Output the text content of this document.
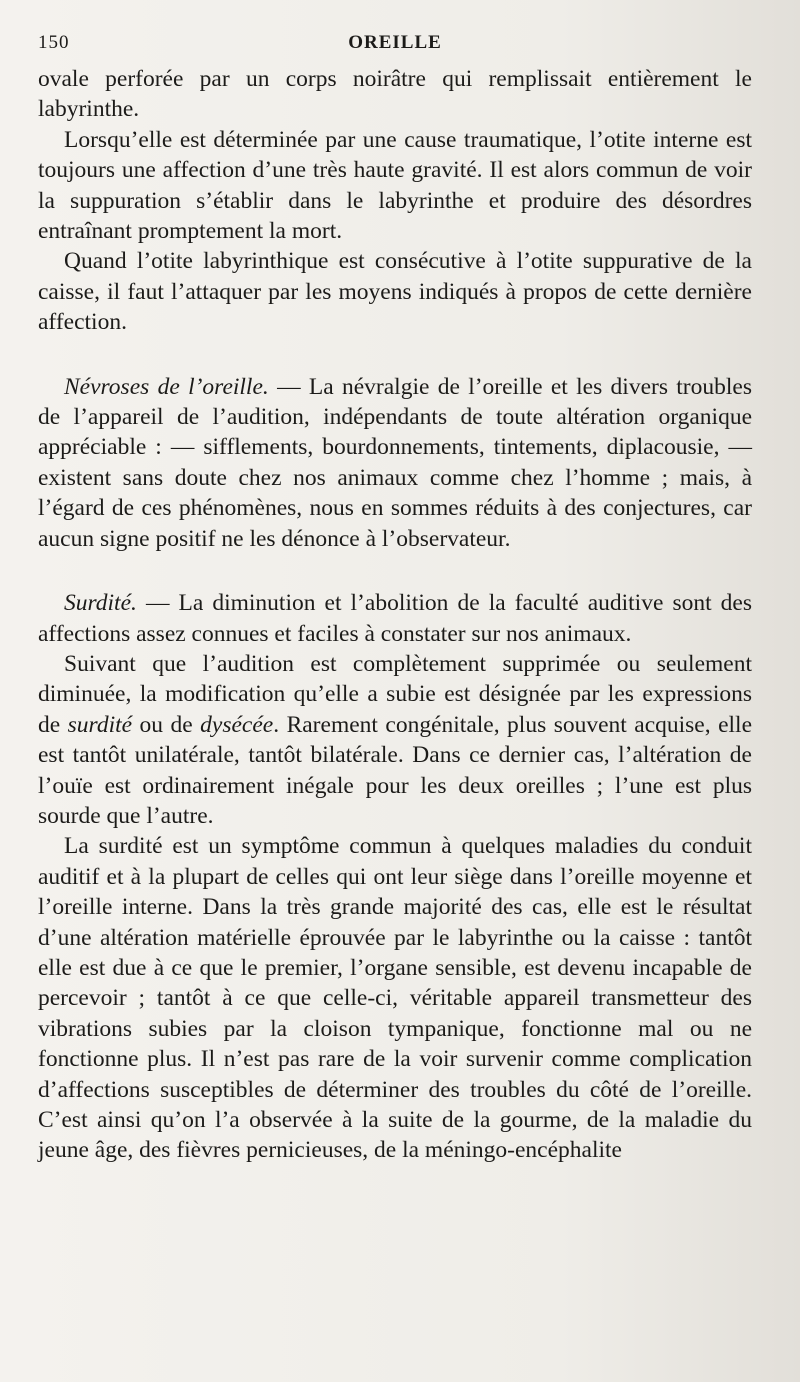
150	OREILLE

ovale perforée par un corps noirâtre qui remplissait entièrement le labyrinthe.

Lorsqu’elle est déterminée par une cause traumatique, l’otite interne est toujours une affection d’une très haute gravité. Il est alors commun de voir la suppuration s’établir dans le labyrinthe et produire des désordres entraînant promptement la mort.

Quand l’otite labyrinthique est consécutive à l’otite suppurative de la caisse, il faut l’attaquer par les moyens indiqués à propos de cette dernière affection.

Névroses de l’oreille. — La névralgie de l’oreille et les divers troubles de l’appareil de l’audition, indépendants de toute altération organique appréciable : — sifflements, bourdonnements, tintements, diplacousie, — existent sans doute chez nos animaux comme chez l’homme ; mais, à l’égard de ces phénomènes, nous en sommes réduits à des conjectures, car aucun signe positif ne les dénonce à l’observateur.

Surdité. — La diminution et l’abolition de la faculté auditive sont des affections assez connues et faciles à constater sur nos animaux.

Suivant que l’audition est complètement supprimée ou seulement diminuée, la modification qu’elle a subie est désignée par les expressions de surdité ou de dysécée. Rarement congénitale, plus souvent acquise, elle est tantôt unilatérale, tantôt bilatérale. Dans ce dernier cas, l’altération de l’ouïe est ordinairement inégale pour les deux oreilles ; l’une est plus sourde que l’autre.

La surdité est un symptôme commun à quelques maladies du conduit auditif et à la plupart de celles qui ont leur siège dans l’oreille moyenne et l’oreille interne. Dans la très grande majorité des cas, elle est le résultat d’une altération matérielle éprouvée par le labyrinthe ou la caisse : tantôt elle est due à ce que le premier, l’organe sensible, est devenu incapable de percevoir ; tantôt à ce que celle-ci, véritable appareil transmetteur des vibrations subies par la cloison tympanique, fonctionne mal ou ne fonctionne plus. Il n’est pas rare de la voir survenir comme complication d’affections susceptibles de déterminer des troubles du côté de l’oreille. C’est ainsi qu’on l’a observée à la suite de la gourme, de la maladie du jeune âge, des fièvres pernicieuses, de la méningo-encéphalite
